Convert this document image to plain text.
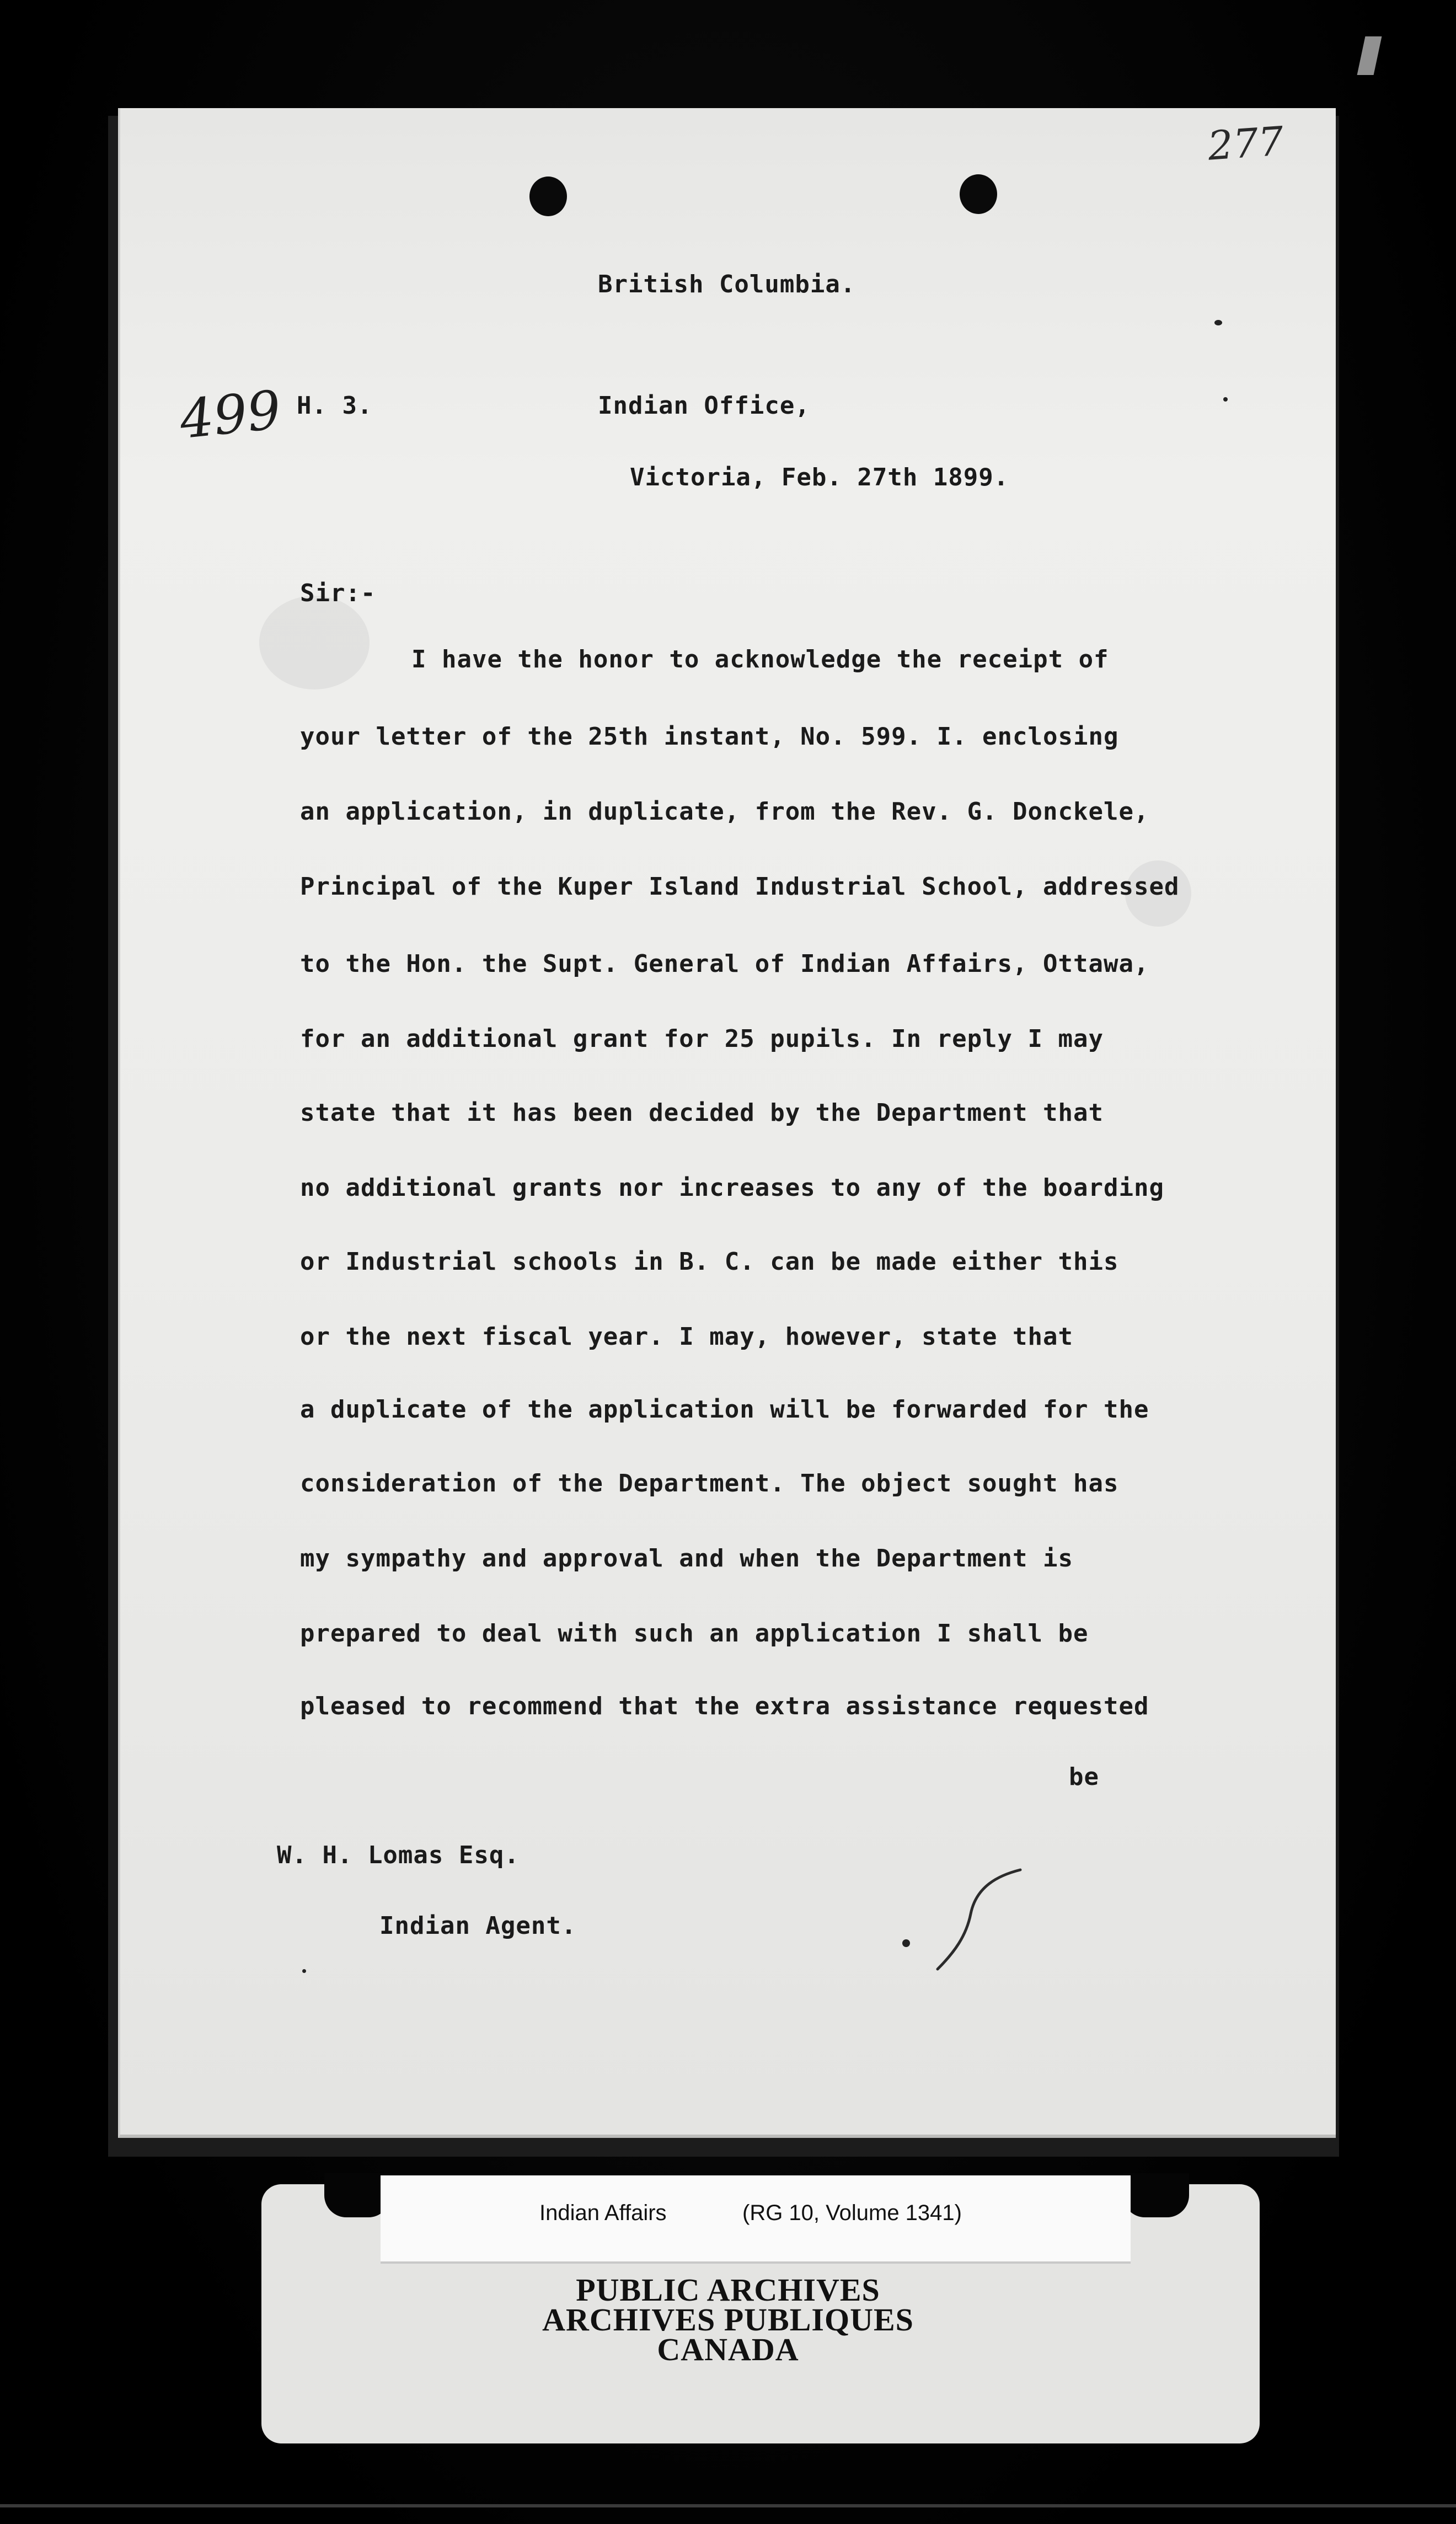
277
499
British Columbia.
H. 3.	Indian Office,
Victoria, Feb. 27th 1899.
Sir:-
I have the honor to acknowledge the receipt of
your letter of the 25th instant, No. 599. I. enclosing
an application, in duplicate, from the Rev. G. Donckele,
Principal of the Kuper Island Industrial School, addressed
to the Hon. the Supt. General of Indian Affairs, Ottawa,
for an additional grant for 25 pupils. In reply I may
state that it has been decided by the Department that
no additional grants nor increases to any of the boarding
or Industrial schools in B. C. can be made either this
or the next fiscal year. I may, however, state that
a duplicate of the application will be forwarded for the
consideration of the Department. The object sought has
my sympathy and approval and when the Department is
prepared to deal with such an application I shall be
pleased to recommend that the extra assistance requested
be
W. H. Lomas Esq.
Indian Agent.
Indian Affairs	(RG 10, Volume 1341)
PUBLIC ARCHIVES
ARCHIVES PUBLIQUES
CANADA
